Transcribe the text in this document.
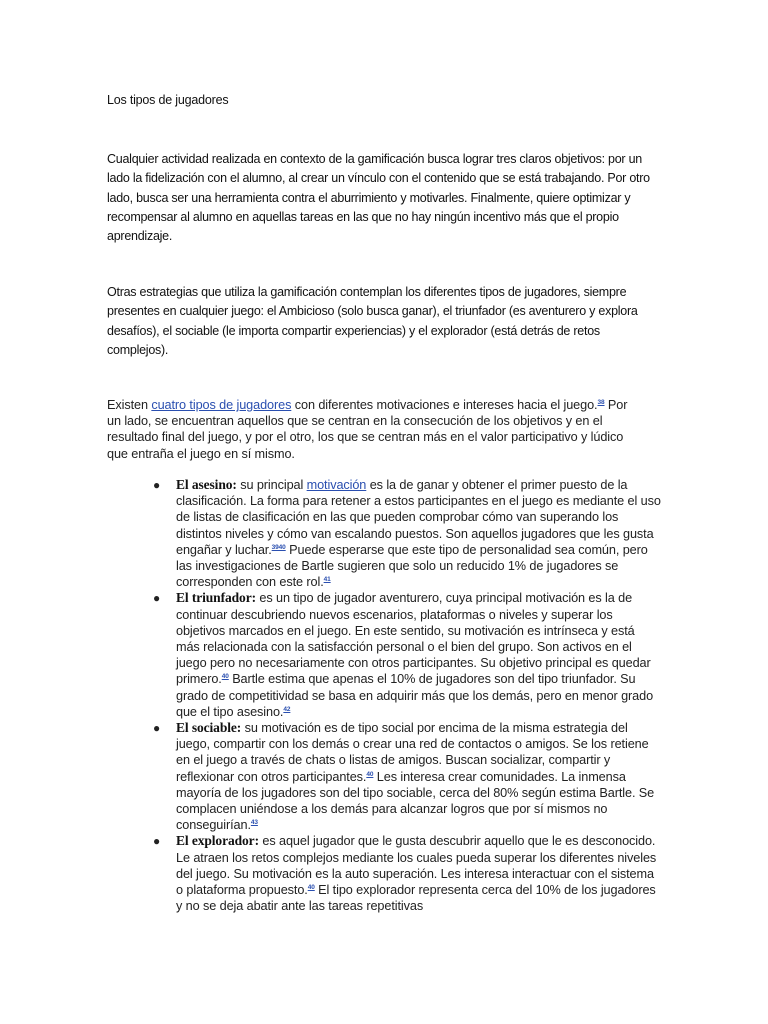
Los tipos de jugadores
Cualquier actividad realizada en contexto de la gamificación busca lograr tres claros objetivos: por un lado la fidelización con el alumno, al crear un vínculo con el contenido que se está trabajando. Por otro lado, busca ser una herramienta contra el aburrimiento y motivarles. Finalmente, quiere optimizar y recompensar al alumno en aquellas tareas en las que no hay ningún incentivo más que el propio aprendizaje.
Otras estrategias que utiliza la gamificación contemplan los diferentes tipos de jugadores, siempre presentes en cualquier juego: el Ambicioso (solo busca ganar), el triunfador (es aventurero y explora desafíos), el sociable (le importa compartir experiencias) y el explorador (está detrás de retos complejos).
Existen cuatro tipos de jugadores con diferentes motivaciones e intereses hacia el juego.$^{38}$ Por un lado, se encuentran aquellos que se centran en la consecución de los objetivos y en el resultado final del juego, y por el otro, los que se centran más en el valor participativo y lúdico que entraña el juego en sí mismo.
● El asesino: su principal motivación es la de ganar y obtener el primer puesto de la clasificación. La forma para retener a estos participantes en el juego es mediante el uso de listas de clasificación en las que pueden comprobar cómo van superando los distintos niveles y cómo van escalando puestos. Son aquellos jugadores que les gusta engañar y luchar.$^{3940}$ Puede esperarse que este tipo de personalidad sea común, pero las investigaciones de Bartle sugieren que solo un reducido 1% de jugadores se corresponden con este rol.$^{41}$
● El triunfador: es un tipo de jugador aventurero, cuya principal motivación es la de continuar descubriendo nuevos escenarios, plataformas o niveles y superar los objetivos marcados en el juego. En este sentido, su motivación es intrínseca y está más relacionada con la satisfacción personal o el bien del grupo. Son activos en el juego pero no necesariamente con otros participantes. Su objetivo principal es quedar primero.$^{40}$ Bartle estima que apenas el 10% de jugadores son del tipo triunfador. Su grado de competitividad se basa en adquirir más que los demás, pero en menor grado que el tipo asesino.$^{42}$
● El sociable: su motivación es de tipo social por encima de la misma estrategia del juego, compartir con los demás o crear una red de contactos o amigos. Se los retiene en el juego a través de chats o listas de amigos. Buscan socializar, compartir y reflexionar con otros participantes.$^{40}$ Les interesa crear comunidades. La inmensa mayoría de los jugadores son del tipo sociable, cerca del 80% según estima Bartle. Se complacen uniéndose a los demás para alcanzar logros que por sí mismos no conseguirían.$^{43}$
● El explorador: es aquel jugador que le gusta descubrir aquello que le es desconocido. Le atraen los retos complejos mediante los cuales pueda superar los diferentes niveles del juego. Su motivación es la auto superación. Les interesa interactuar con el sistema o plataforma propuesto.$^{40}$ El tipo explorador representa cerca del 10% de los jugadores y no se deja abatir ante las tareas repetitivas
